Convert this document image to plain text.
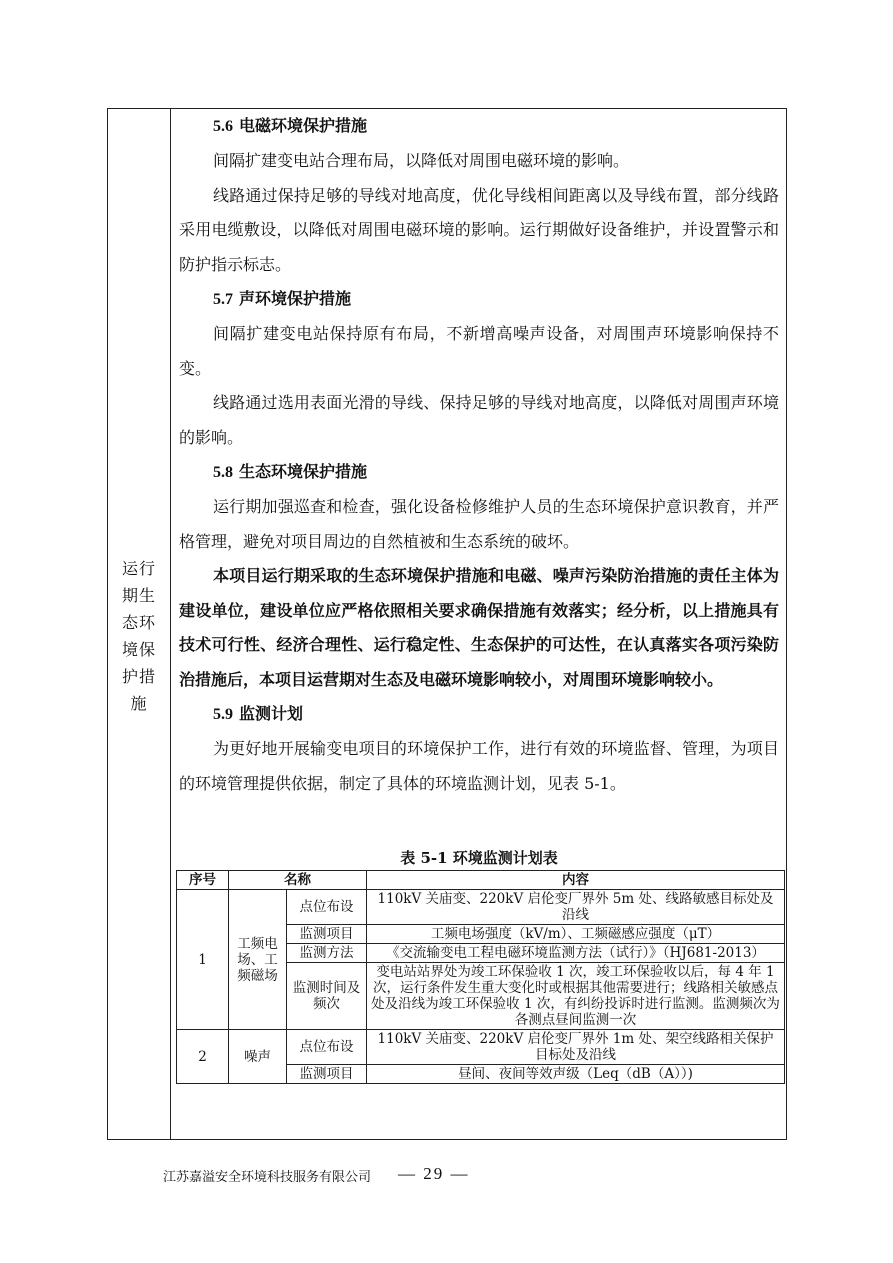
运行期生态环境保护措施

5.6 电磁环境保护措施

间隔扩建变电站合理布局，以降低对周围电磁环境的影响。

线路通过保持足够的导线对地高度，优化导线相间距离以及导线布置，部分线路采用电缆敷设，以降低对周围电磁环境的影响。运行期做好设备维护，并设置警示和防护指示标志。

5.7 声环境保护措施

间隔扩建变电站保持原有布局，不新增高噪声设备，对周围声环境影响保持不变。

线路通过选用表面光滑的导线、保持足够的导线对地高度，以降低对周围声环境的影响。

5.8 生态环境保护措施

运行期加强巡查和检查，强化设备检修维护人员的生态环境保护意识教育，并严格管理，避免对项目周边的自然植被和生态系统的破坏。

本项目运行期采取的生态环境保护措施和电磁、噪声污染防治措施的责任主体为建设单位，建设单位应严格依照相关要求确保措施有效落实；经分析，以上措施具有技术可行性、经济合理性、运行稳定性、生态保护的可达性，在认真落实各项污染防治措施后，本项目运营期对生态及电磁环境影响较小，对周围环境影响较小。

5.9 监测计划

为更好地开展输变电项目的环境保护工作，进行有效的环境监督、管理，为项目的环境管理提供依据，制定了具体的环境监测计划，见表 5-1。

表 5-1 环境监测计划表
序号	名称		内容
1	工频电场、工频磁场	点位布设	110kV 关庙变、220kV 启伦变厂界外 5m 处、线路敏感目标处及沿线
		监测项目	工频电场强度（kV/m）、工频磁感应强度（μT）
		监测方法	《交流输变电工程电磁环境监测方法（试行）》（HJ681-2013）
		监测时间及频次	变电站站界处为竣工环保验收 1 次，竣工环保验收以后，每 4 年 1 次，运行条件发生重大变化时或根据其他需要进行；线路相关敏感点处及沿线为竣工环保验收 1 次，有纠纷投诉时进行监测。监测频次为各测点昼间监测一次
2	噪声	点位布设	110kV 关庙变、220kV 启伦变厂界外 1m 处、架空线路相关保护目标处及沿线
		监测项目	昼间、夜间等效声级（Leq（dB（A））)
江苏嘉溢安全环境科技服务有限公司 — 29 —
